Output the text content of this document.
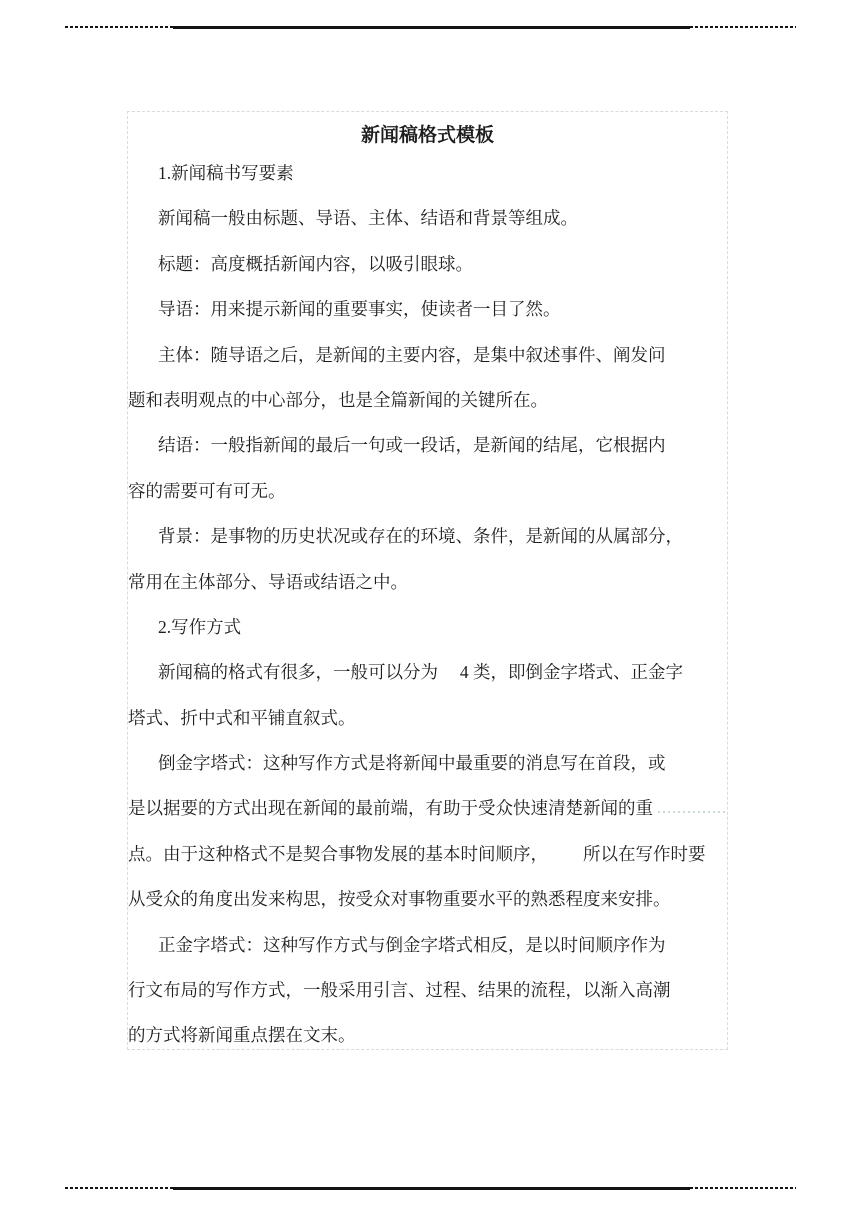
新闻稿格式模板
1.新闻稿书写要素
新闻稿一般由标题、导语、主体、结语和背景等组成。
标题：高度概括新闻内容，以吸引眼球。
导语：用来提示新闻的重要事实，使读者一目了然。
主体：随导语之后，是新闻的主要内容，是集中叙述事件、阐发问
题和表明观点的中心部分，也是全篇新闻的关键所在。
结语：一般指新闻的最后一句或一段话，是新闻的结尾，它根据内
容的需要可有可无。
背景：是事物的历史状况或存在的环境、条件，是新闻的从属部分，
常用在主体部分、导语或结语之中。
2.写作方式
新闻稿的格式有很多，一般可以分为     4 类，即倒金字塔式、正金字
塔式、折中式和平铺直叙式。
倒金字塔式：这种写作方式是将新闻中最重要的消息写在首段，或
是以据要的方式出现在新闻的最前端，有助于受众快速清楚新闻的重
点。由于这种格式不是契合事物发展的基本时间顺序，        所以在写作时要
从受众的角度出发来构思，按受众对事物重要水平的熟悉程度来安排。
正金字塔式：这种写作方式与倒金字塔式相反，是以时间顺序作为
行文布局的写作方式，一般采用引言、过程、结果的流程，以渐入高潮
的方式将新闻重点摆在文末。
